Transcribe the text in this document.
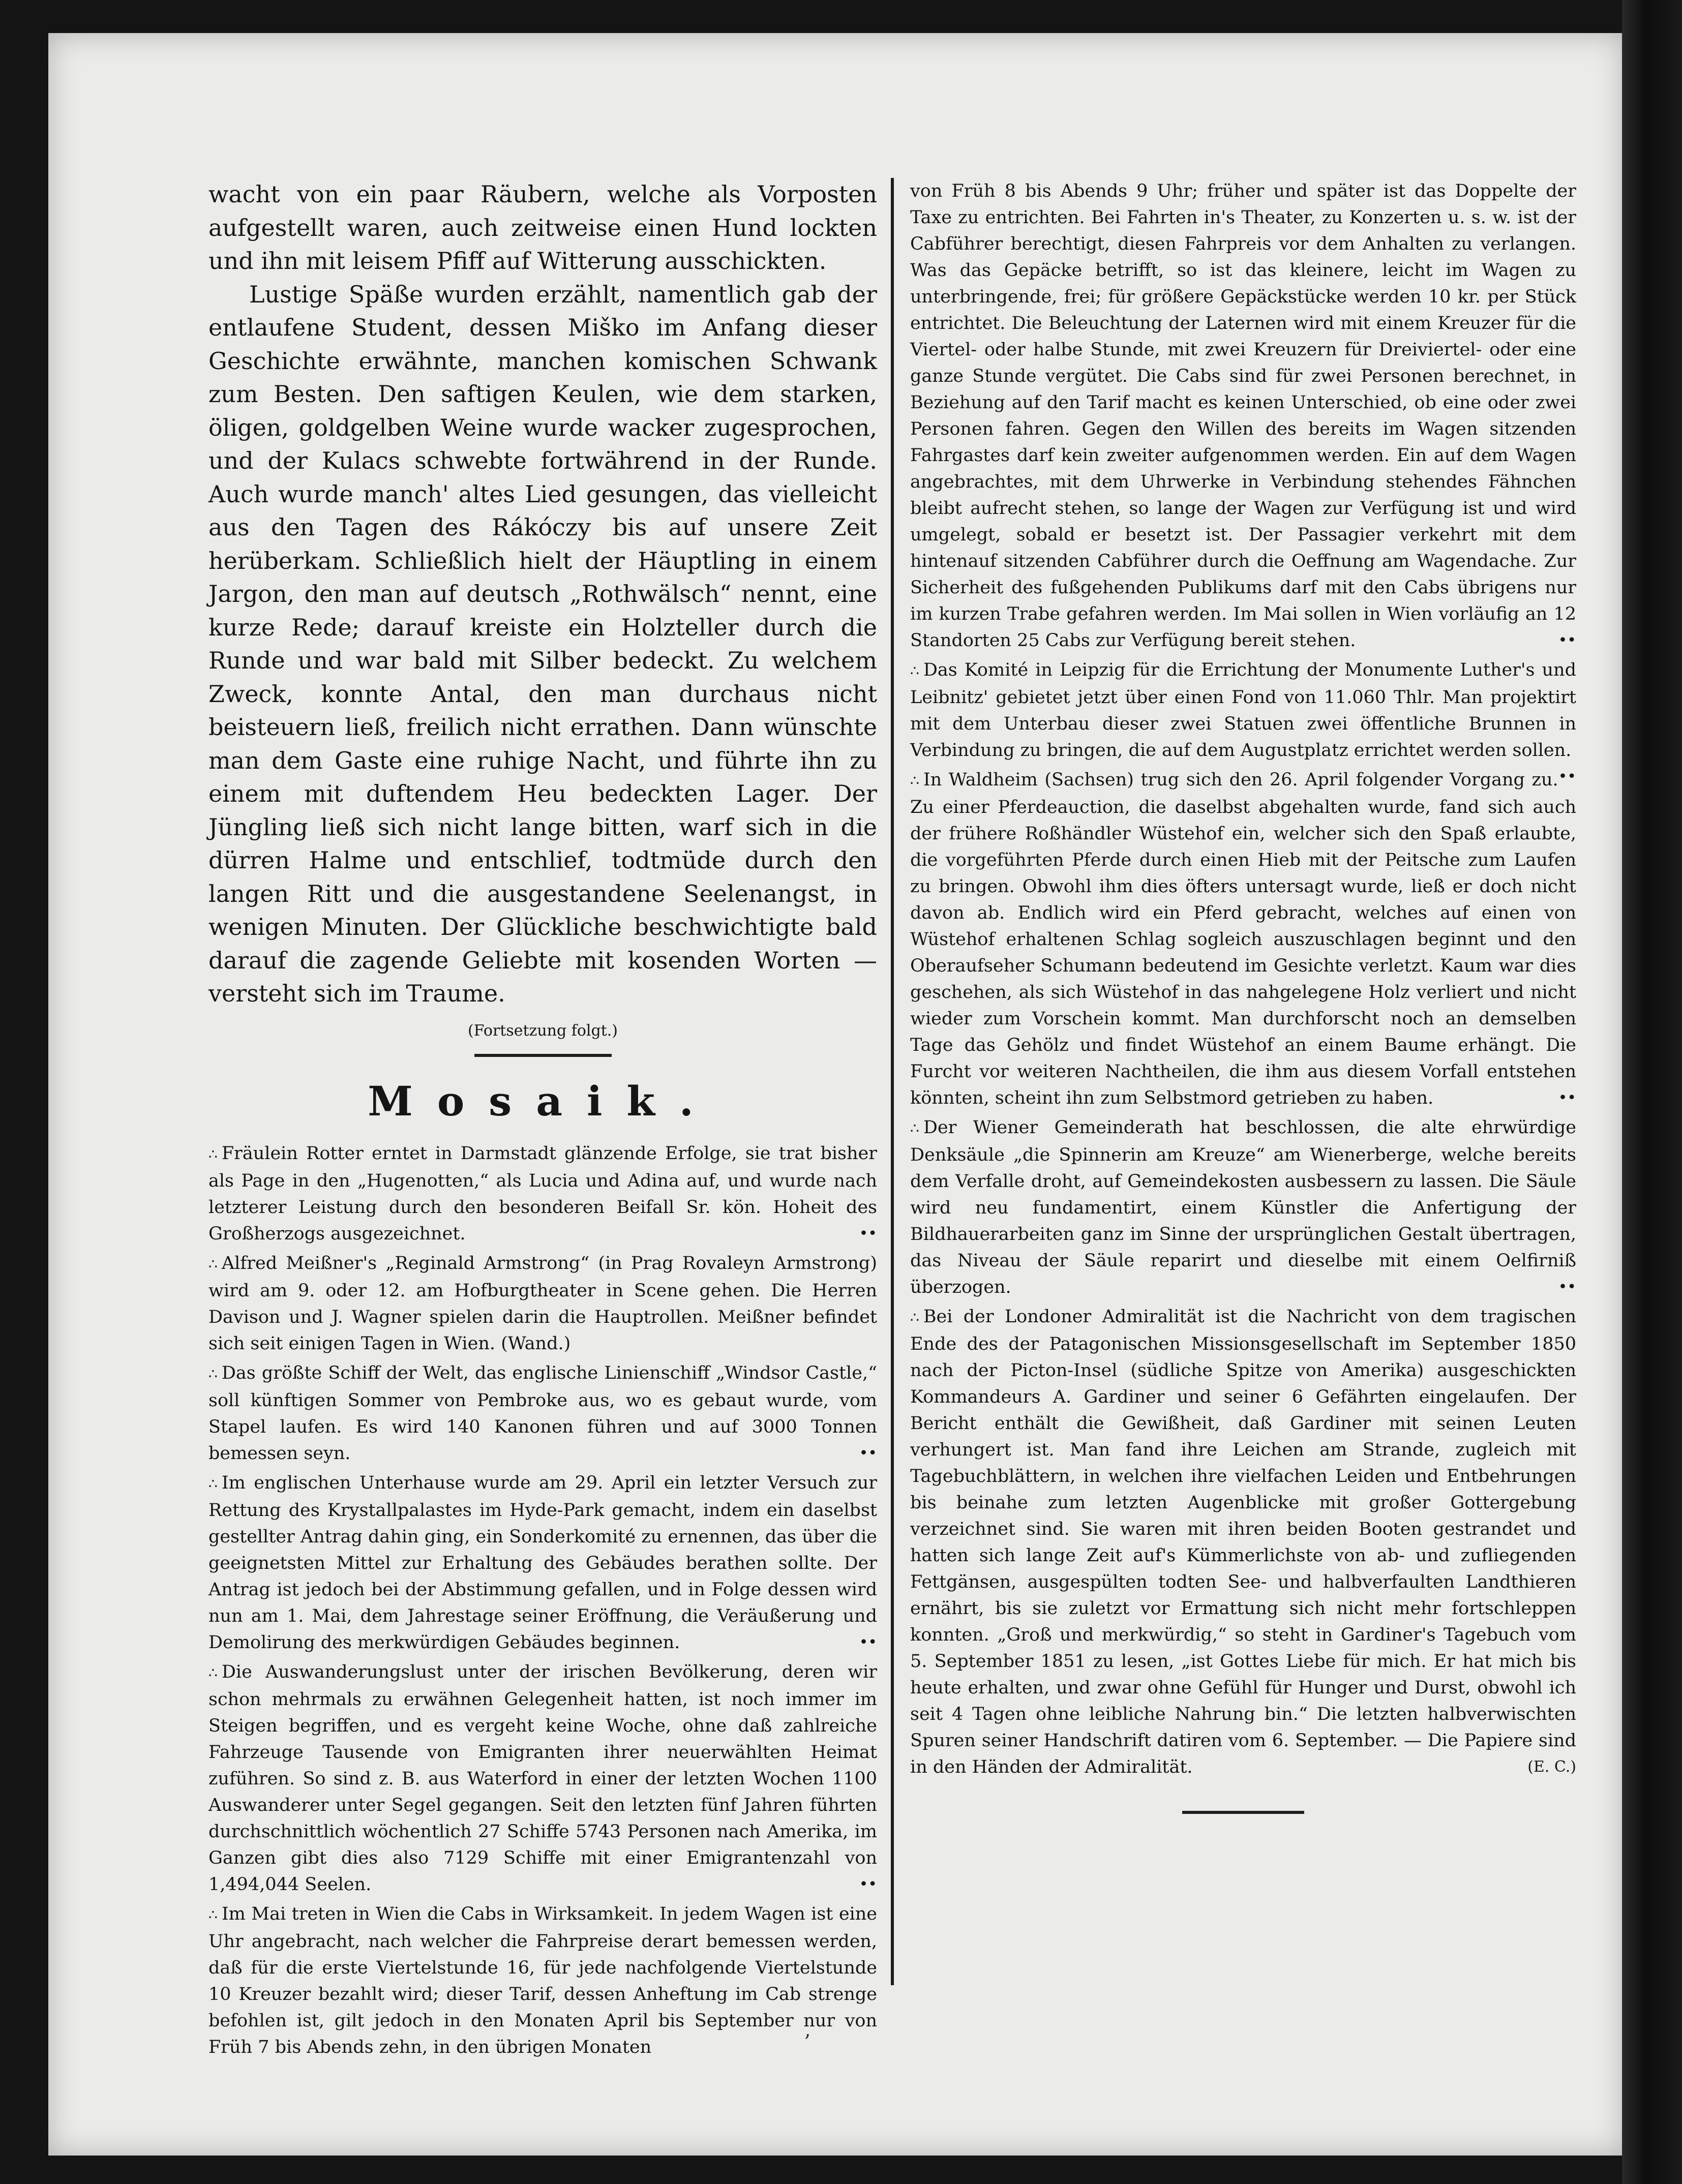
wacht von ein paar Räubern, welche als Vorposten aufgestellt waren, auch zeitweise einen Hund lockten und ihn mit leisem Pfiff auf Witterung ausschickten.

Lustige Späße wurden erzählt, namentlich gab der entlaufene Student, dessen Miško im Anfang dieser Geschichte erwähnte, manchen komischen Schwank zum Besten. Den saftigen Keulen, wie dem starken, öligen, goldgelben Weine wurde wacker zugesprochen, und der Kulacs schwebte fortwährend in der Runde. Auch wurde manch' altes Lied gesungen, das vielleicht aus den Tagen des Rákóczy bis auf unsere Zeit herüberkam. Schließlich hielt der Häuptling in einem Jargon, den man auf deutsch „Rothwälsch“ nennt, eine kurze Rede; darauf kreiste ein Holzteller durch die Runde und war bald mit Silber bedeckt. Zu welchem Zweck, konnte Antal, den man durchaus nicht beisteuern ließ, freilich nicht errathen. Dann wünschte man dem Gaste eine ruhige Nacht, und führte ihn zu einem mit duftendem Heu bedeckten Lager. Der Jüngling ließ sich nicht lange bitten, warf sich in die dürren Halme und entschlief, todtmüde durch den langen Ritt und die ausgestandene Seelenangst, in wenigen Minuten. Der Glückliche beschwichtigte bald darauf die zagende Geliebte mit kosenden Worten — versteht sich im Traume.

(Fortsetzung folgt.)
Mosaik.
∴ Fräulein Rotter erntet in Darmstadt glänzende Erfolge, sie trat bisher als Page in den „Hugenotten,“ als Lucia und Adina auf, und wurde nach letzterer Leistung durch den besonderen Beifall Sr. kön. Hoheit des Großherzogs ausgezeichnet.	••
∴ Alfred Meißner's „Reginald Armstrong“ (in Prag Rovaleyn Armstrong) wird am 9. oder 12. am Hofburgtheater in Scene gehen. Die Herren Davison und J. Wagner spielen darin die Hauptrollen. Meißner befindet sich seit einigen Tagen in Wien. (Wand.)
∴ Das größte Schiff der Welt, das englische Linienschiff „Windsor Castle,“ soll künftigen Sommer von Pembroke aus, wo es gebaut wurde, vom Stapel laufen. Es wird 140 Kanonen führen und auf 3000 Tonnen bemessen seyn.	••
∴ Im englischen Unterhause wurde am 29. April ein letzter Versuch zur Rettung des Krystallpalastes im Hyde-Park gemacht, indem ein daselbst gestellter Antrag dahin ging, ein Sonderkomité zu ernennen, das über die geeignetsten Mittel zur Erhaltung des Gebäudes berathen sollte. Der Antrag ist jedoch bei der Abstimmung gefallen, und in Folge dessen wird nun am 1. Mai, dem Jahrestage seiner Eröffnung, die Veräußerung und Demolirung des merkwürdigen Gebäudes beginnen.	••
∴ Die Auswanderungslust unter der irischen Bevölkerung, deren wir schon mehrmals zu erwähnen Gelegenheit hatten, ist noch immer im Steigen begriffen, und es vergeht keine Woche, ohne daß zahlreiche Fahrzeuge Tausende von Emigranten ihrer neuerwählten Heimat zuführen. So sind z. B. aus Waterford in einer der letzten Wochen 1100 Auswanderer unter Segel gegangen. Seit den letzten fünf Jahren führten durchschnittlich wöchentlich 27 Schiffe 5743 Personen nach Amerika, im Ganzen gibt dies also 7129 Schiffe mit einer Emigrantenzahl von 1,494,044 Seelen.	••
∴ Im Mai treten in Wien die Cabs in Wirksamkeit. In jedem Wagen ist eine Uhr angebracht, nach welcher die Fahrpreise derart bemessen werden, daß für die erste Viertelstunde 16, für jede nachfolgende Viertelstunde 10 Kreuzer bezahlt wird; dieser Tarif, dessen Anheftung im Cab strenge befohlen ist, gilt jedoch in den Monaten April bis September nur von Früh 7 bis Abends zehn, in den übrigen Monaten
von Früh 8 bis Abends 9 Uhr; früher und später ist das Doppelte der Taxe zu entrichten. Bei Fahrten in's Theater, zu Konzerten u. s. w. ist der Cabführer berechtigt, diesen Fahrpreis vor dem Anhalten zu verlangen. Was das Gepäcke betrifft, so ist das kleinere, leicht im Wagen zu unterbringende, frei; für größere Gepäckstücke werden 10 kr. per Stück entrichtet. Die Beleuchtung der Laternen wird mit einem Kreuzer für die Viertel- oder halbe Stunde, mit zwei Kreuzern für Dreiviertel- oder eine ganze Stunde vergütet. Die Cabs sind für zwei Personen berechnet, in Beziehung auf den Tarif macht es keinen Unterschied, ob eine oder zwei Personen fahren. Gegen den Willen des bereits im Wagen sitzenden Fahrgastes darf kein zweiter aufgenommen werden. Ein auf dem Wagen angebrachtes, mit dem Uhrwerke in Verbindung stehendes Fähnchen bleibt aufrecht stehen, so lange der Wagen zur Verfügung ist und wird umgelegt, sobald er besetzt ist. Der Passagier verkehrt mit dem hintenauf sitzenden Cabführer durch die Oeffnung am Wagendache. Zur Sicherheit des fußgehenden Publikums darf mit den Cabs übrigens nur im kurzen Trabe gefahren werden. Im Mai sollen in Wien vorläufig an 12 Standorten 25 Cabs zur Verfügung bereit stehen.	••
∴ Das Komité in Leipzig für die Errichtung der Monumente Luther's und Leibnitz' gebietet jetzt über einen Fond von 11.060 Thlr. Man projektirt mit dem Unterbau dieser zwei Statuen zwei öffentliche Brunnen in Verbindung zu bringen, die auf dem Augustplatz errichtet werden sollen.
••
∴ In Waldheim (Sachsen) trug sich den 26. April folgender Vorgang zu. Zu einer Pferdeauction, die daselbst abgehalten wurde, fand sich auch der frühere Roßhändler Wüstehof ein, welcher sich den Spaß erlaubte, die vorgeführten Pferde durch einen Hieb mit der Peitsche zum Laufen zu bringen. Obwohl ihm dies öfters untersagt wurde, ließ er doch nicht davon ab. Endlich wird ein Pferd gebracht, welches auf einen von Wüstehof erhaltenen Schlag sogleich auszuschlagen beginnt und den Oberaufseher Schumann bedeutend im Gesichte verletzt. Kaum war dies geschehen, als sich Wüstehof in das nahgelegene Holz verliert und nicht wieder zum Vorschein kommt. Man durchforscht noch an demselben Tage das Gehölz und findet Wüstehof an einem Baume erhängt. Die Furcht vor weiteren Nachtheilen, die ihm aus diesem Vorfall entstehen könnten, scheint ihn zum Selbstmord getrieben zu haben.	••
∴ Der Wiener Gemeinderath hat beschlossen, die alte ehrwürdige Denksäule „die Spinnerin am Kreuze“ am Wienerberge, welche bereits dem Verfalle droht, auf Gemeindekosten ausbessern zu lassen. Die Säule wird neu fundamentirt, einem Künstler die Anfertigung der Bildhauerarbeiten ganz im Sinne der ursprünglichen Gestalt übertragen, das Niveau der Säule reparirt und dieselbe mit einem Oelfirniß überzogen.	••
∴ Bei der Londoner Admiralität ist die Nachricht von dem tragischen Ende des der Patagonischen Missionsgesellschaft im September 1850 nach der Picton-Insel (südliche Spitze von Amerika) ausgeschickten Kommandeurs A. Gardiner und seiner 6 Gefährten eingelaufen. Der Bericht enthält die Gewißheit, daß Gardiner mit seinen Leuten verhungert ist. Man fand ihre Leichen am Strande, zugleich mit Tagebuchblättern, in welchen ihre vielfachen Leiden und Entbehrungen bis beinahe zum letzten Augenblicke mit großer Gottergebung verzeichnet sind. Sie waren mit ihren beiden Booten gestrandet und hatten sich lange Zeit auf's Kümmerlichste von ab- und zufliegenden Fettgänsen, ausgespülten todten See- und halbverfaulten Landthieren ernährt, bis sie zuletzt vor Ermattung sich nicht mehr fortschleppen konnten. „Groß und merkwürdig,“ so steht in Gardiner's Tagebuch vom 5. September 1851 zu lesen, „ist Gottes Liebe für mich. Er hat mich bis heute erhalten, und zwar ohne Gefühl für Hunger und Durst, obwohl ich seit 4 Tagen ohne leibliche Nahrung bin.“ Die letzten halbverwischten Spuren seiner Handschrift datiren vom 6. September. — Die Papiere sind in den Händen der Admiralität.	(E. C.)
ʼ
